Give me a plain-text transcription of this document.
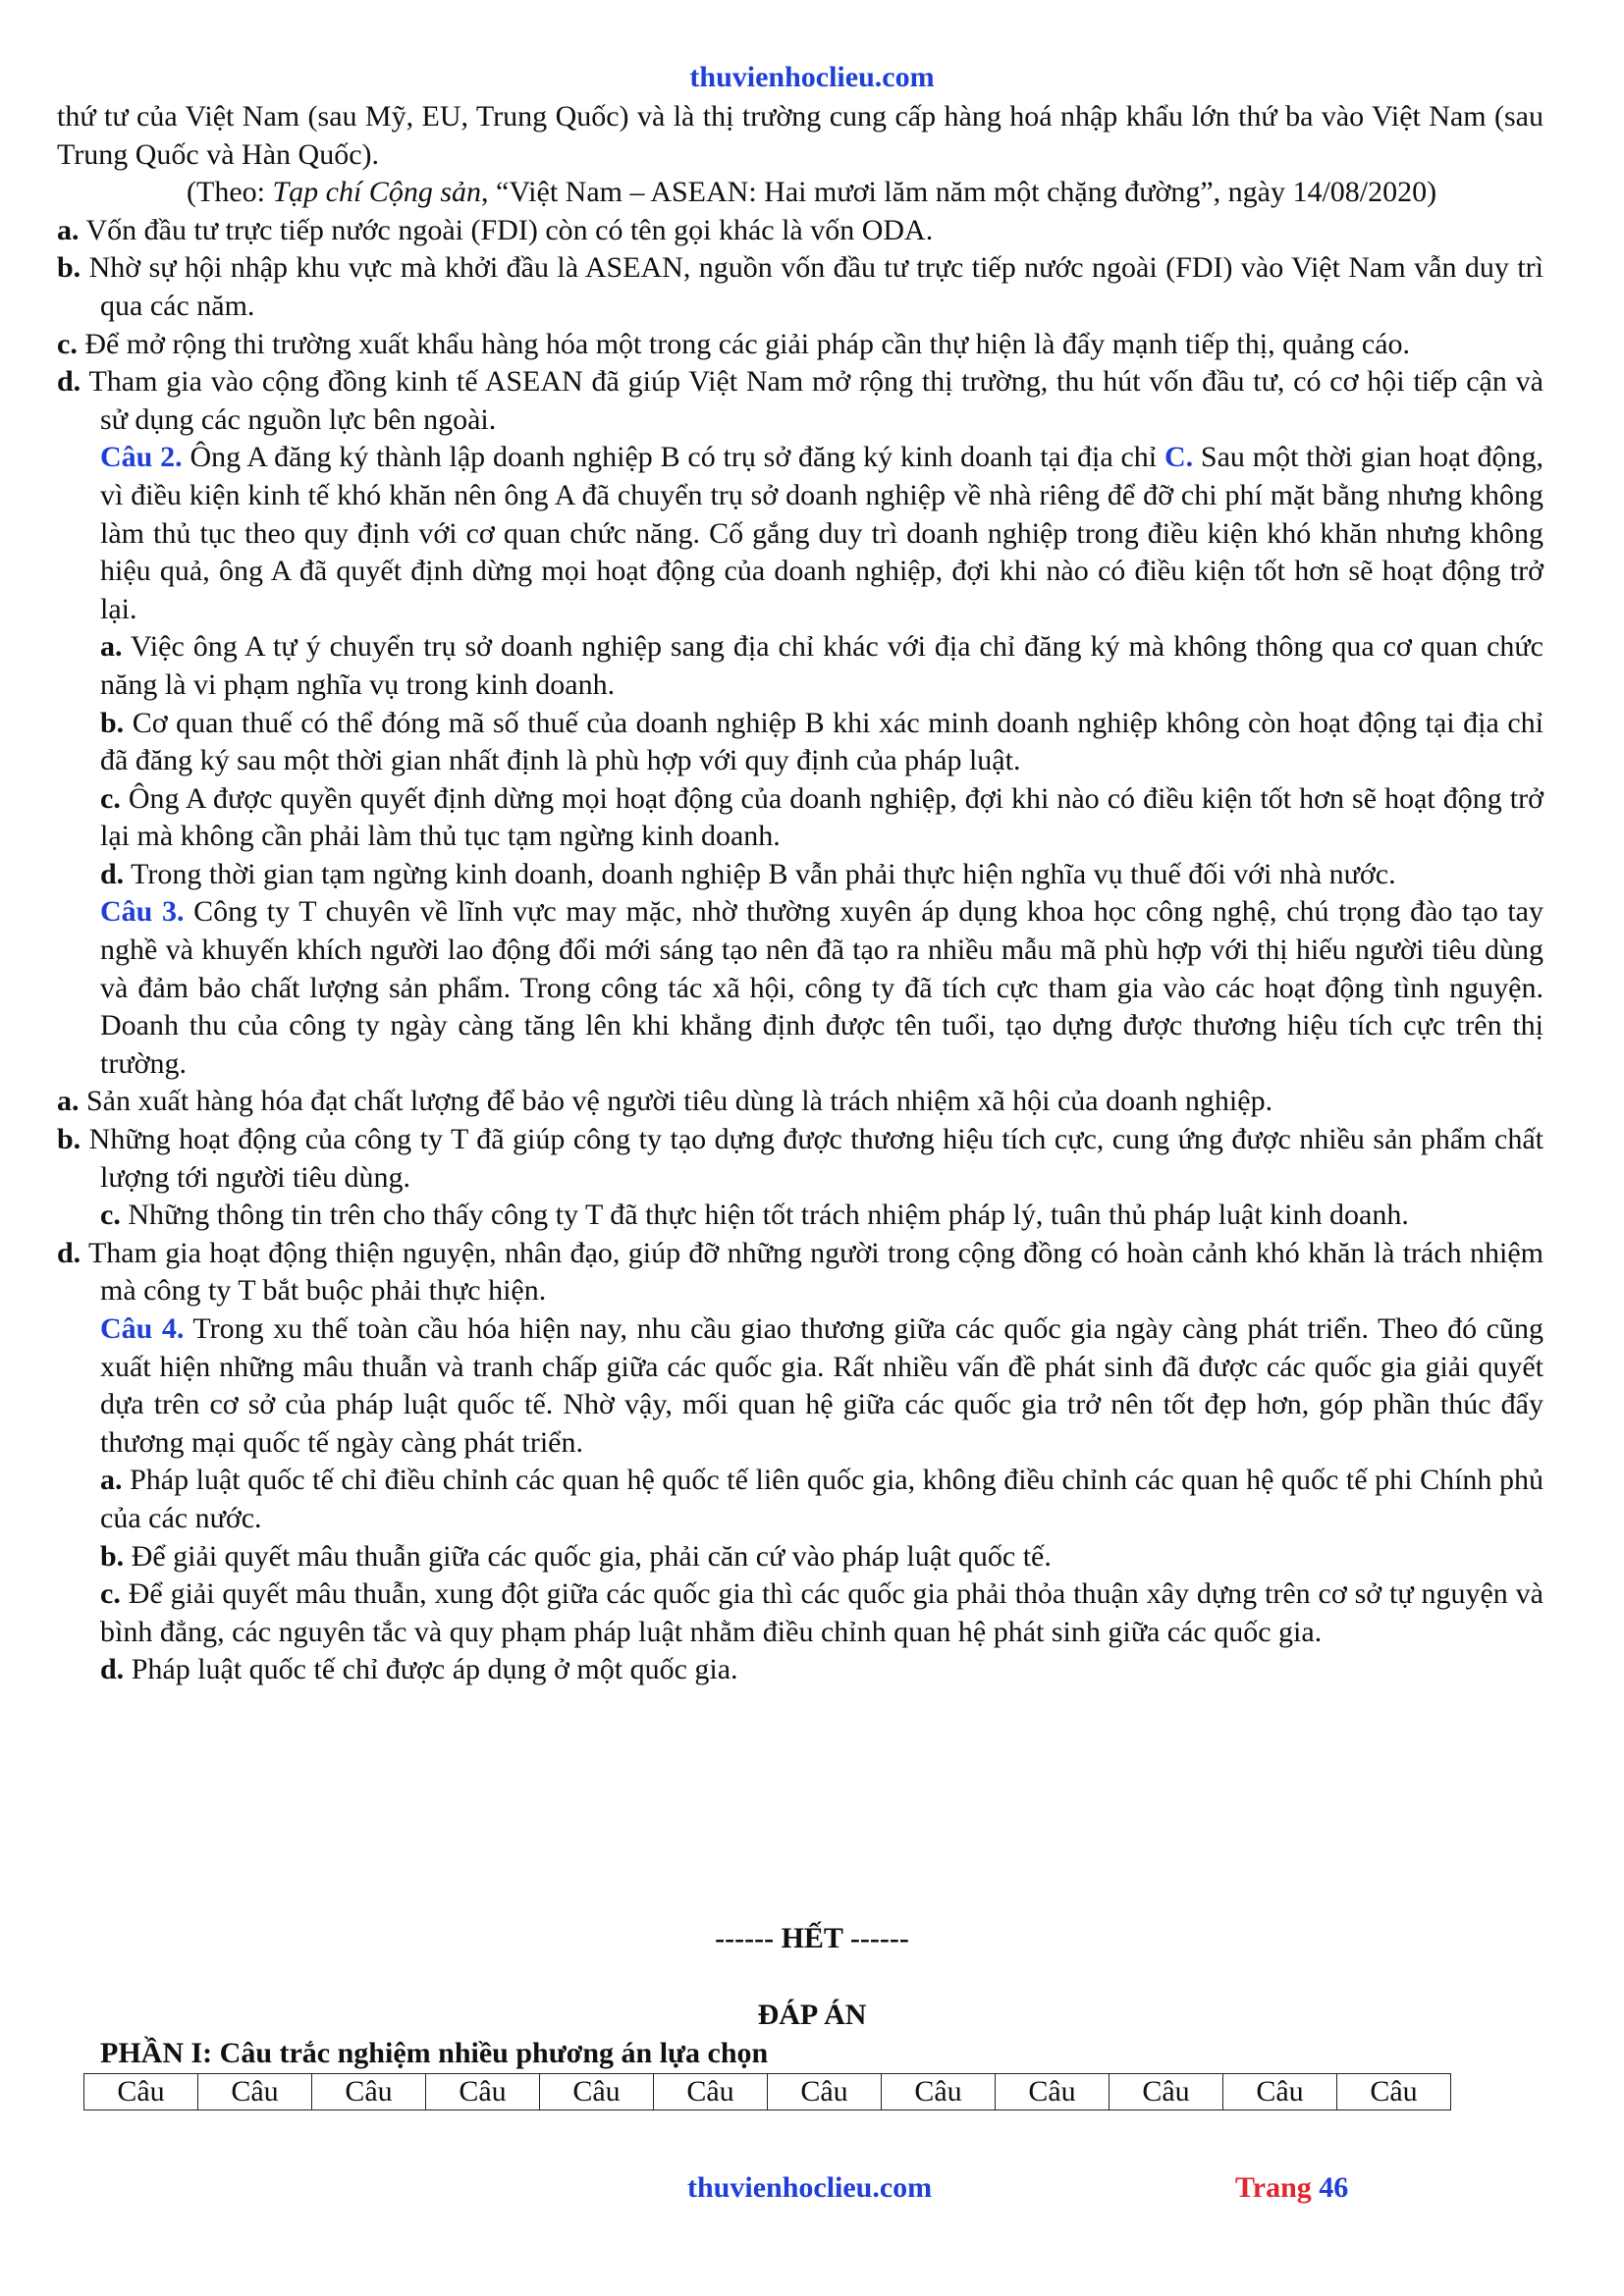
thuvienhoclieu.com

thứ tư của Việt Nam (sau Mỹ, EU, Trung Quốc) và là thị trường cung cấp hàng hoá nhập khẩu lớn thứ ba vào Việt Nam (sau Trung Quốc và Hàn Quốc).

(Theo: Tạp chí Cộng sản, “Việt Nam – ASEAN: Hai mươi lăm năm một chặng đường”, ngày 14/08/2020)

a. Vốn đầu tư trực tiếp nước ngoài (FDI) còn có tên gọi khác là vốn ODA.

b. Nhờ sự hội nhập khu vực mà khởi đầu là ASEAN, nguồn vốn đầu tư trực tiếp nước ngoài (FDI) vào Việt Nam vẫn duy trì qua các năm.

c. Để mở rộng thi trường xuất khẩu hàng hóa một trong các giải pháp cần thự hiện là đẩy mạnh tiếp thị, quảng cáo.

d. Tham gia vào cộng đồng kinh tế ASEAN đã giúp Việt Nam mở rộng thị trường, thu hút vốn đầu tư, có cơ hội tiếp cận và sử dụng các nguồn lực bên ngoài.

Câu 2. Ông A đăng ký thành lập doanh nghiệp B có trụ sở đăng ký kinh doanh tại địa chỉ C. Sau một thời gian hoạt động, vì điều kiện kinh tế khó khăn nên ông A đã chuyển trụ sở doanh nghiệp về nhà riêng để đỡ chi phí mặt bằng nhưng không làm thủ tục theo quy định với cơ quan chức năng. Cố gắng duy trì doanh nghiệp trong điều kiện khó khăn nhưng không hiệu quả, ông A đã quyết định dừng mọi hoạt động của doanh nghiệp, đợi khi nào có điều kiện tốt hơn sẽ hoạt động trở lại.

a. Việc ông A tự ý chuyển trụ sở doanh nghiệp sang địa chỉ khác với địa chỉ đăng ký mà không thông qua cơ quan chức năng là vi phạm nghĩa vụ trong kinh doanh.

b. Cơ quan thuế có thể đóng mã số thuế của doanh nghiệp B khi xác minh doanh nghiệp không còn hoạt động tại địa chỉ đã đăng ký sau một thời gian nhất định là phù hợp với quy định của pháp luật.

c. Ông A được quyền quyết định dừng mọi hoạt động của doanh nghiệp, đợi khi nào có điều kiện tốt hơn sẽ hoạt động trở lại mà không cần phải làm thủ tục tạm ngừng kinh doanh.

d. Trong thời gian tạm ngừng kinh doanh, doanh nghiệp B vẫn phải thực hiện nghĩa vụ thuế đối với nhà nước.

Câu 3. Công ty T chuyên về lĩnh vực may mặc, nhờ thường xuyên áp dụng khoa học công nghệ, chú trọng đào tạo tay nghề và khuyến khích người lao động đổi mới sáng tạo nên đã tạo ra nhiều mẫu mã phù hợp với thị hiếu người tiêu dùng và đảm bảo chất lượng sản phẩm. Trong công tác xã hội, công ty đã tích cực tham gia vào các hoạt động tình nguyện. Doanh thu của công ty ngày càng tăng lên khi khẳng định được tên tuổi, tạo dựng được thương hiệu tích cực trên thị trường.

a. Sản xuất hàng hóa đạt chất lượng để bảo vệ người tiêu dùng là trách nhiệm xã hội của doanh nghiệp.

b. Những hoạt động của công ty T đã giúp công ty tạo dựng được thương hiệu tích cực, cung ứng được nhiều sản phẩm chất lượng tới người tiêu dùng.

c. Những thông tin trên cho thấy công ty T đã thực hiện tốt trách nhiệm pháp lý, tuân thủ pháp luật kinh doanh.

d. Tham gia hoạt động thiện nguyện, nhân đạo, giúp đỡ những người trong cộng đồng có hoàn cảnh khó khăn là trách nhiệm mà công ty T bắt buộc phải thực hiện.

Câu 4. Trong xu thế toàn cầu hóa hiện nay, nhu cầu giao thương giữa các quốc gia ngày càng phát triển. Theo đó cũng xuất hiện những mâu thuẫn và tranh chấp giữa các quốc gia. Rất nhiều vấn đề phát sinh đã được các quốc gia giải quyết dựa trên cơ sở của pháp luật quốc tế. Nhờ vậy, mối quan hệ giữa các quốc gia trở nên tốt đẹp hơn, góp phần thúc đẩy thương mại quốc tế ngày càng phát triển.

a. Pháp luật quốc tế chỉ điều chỉnh các quan hệ quốc tế liên quốc gia, không điều chỉnh các quan hệ quốc tế phi Chính phủ của các nước.

b. Để giải quyết mâu thuẫn giữa các quốc gia, phải căn cứ vào pháp luật quốc tế.

c. Để giải quyết mâu thuẫn, xung đột giữa các quốc gia thì các quốc gia phải thỏa thuận xây dựng trên cơ sở tự nguyện và bình đẳng, các nguyên tắc và quy phạm pháp luật nhằm điều chỉnh quan hệ phát sinh giữa các quốc gia.

d. Pháp luật quốc tế chỉ được áp dụng ở một quốc gia.

------ HẾT ------
ĐÁP ÁN
PHẦN I: Câu trắc nghiệm nhiều phương án lựa chọn
Câu	Câu	Câu	Câu	Câu	Câu	Câu	Câu	Câu	Câu	Câu	Câu
thuvienhoclieu.com	Trang 46
